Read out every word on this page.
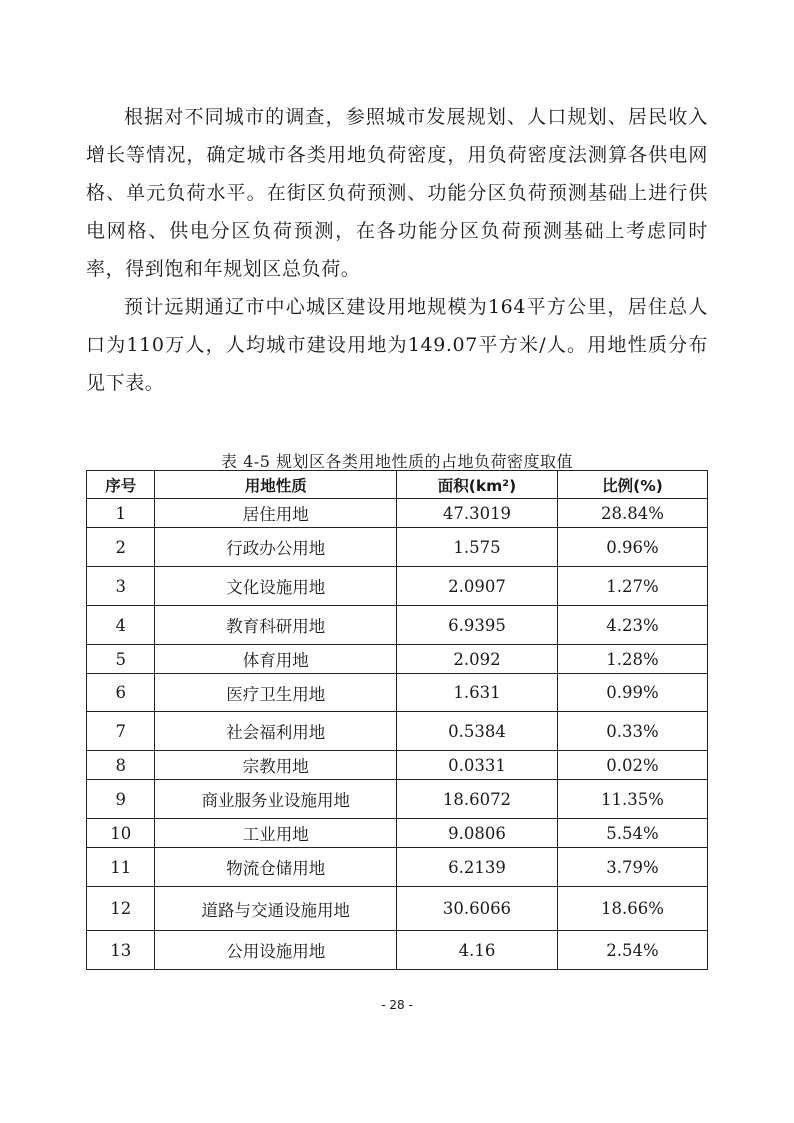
根据对不同城市的调查，参照城市发展规划、人口规划、居民收入增长等情况，确定城市各类用地负荷密度，用负荷密度法测算各供电网格、单元负荷水平。在街区负荷预测、功能分区负荷预测基础上进行供电网格、供电分区负荷预测，在各功能分区负荷预测基础上考虑同时率，得到饱和年规划区总负荷。

预计远期通辽市中心城区建设用地规模为164平方公里，居住总人口为110万人，人均城市建设用地为149.07平方米/人。用地性质分布见下表。

表 4-5 规划区各类用地性质的占地负荷密度取值
序号	用地性质	面积(km²)	比例(%)
1	居住用地	47.3019	28.84%
2	行政办公用地	1.575	0.96%
3	文化设施用地	2.0907	1.27%
4	教育科研用地	6.9395	4.23%
5	体育用地	2.092	1.28%
6	医疗卫生用地	1.631	0.99%
7	社会福利用地	0.5384	0.33%
8	宗教用地	0.0331	0.02%
9	商业服务业设施用地	18.6072	11.35%
10	工业用地	9.0806	5.54%
11	物流仓储用地	6.2139	3.79%
12	道路与交通设施用地	30.6066	18.66%
13	公用设施用地	4.16	2.54%
- 28 -
